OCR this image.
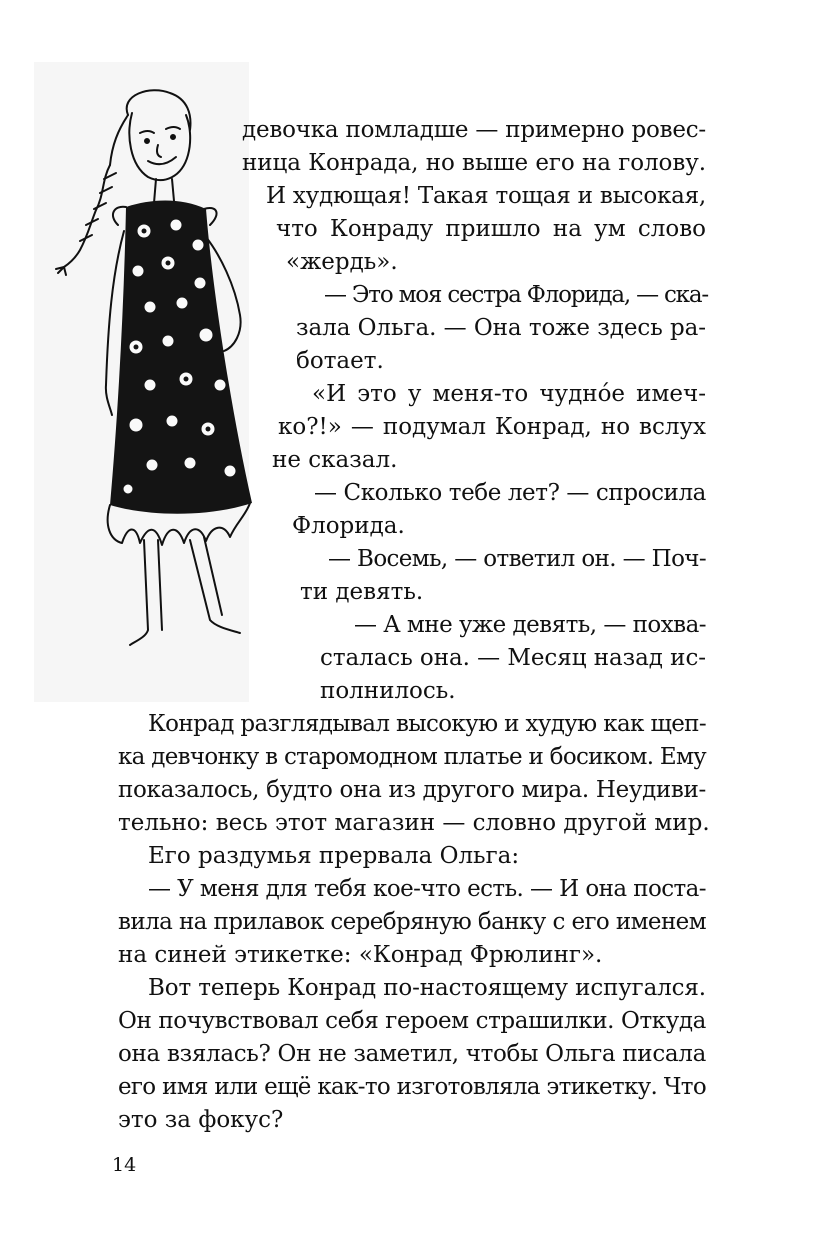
девочка помладше — примерно ровес-
ница Конрада, но выше его на голову.
И худющая! Такая тощая и высокая,
что Конраду пришло на ум слово
«жердь».
— Это моя сестра Флорида, — ска-
зала Ольга. — Она тоже здесь ра-
ботает.
«И это у меня-то чудно́е имеч-
ко?!» — подумал Конрад, но вслух
не сказал.
— Сколько тебе лет? — спросила
Флорида.
— Восемь, — ответил он. — Поч-
ти девять.
— А мне уже девять, — похва-
сталась она. — Месяц назад ис-
полнилось.
Конрад разглядывал высокую и худую как щеп-
ка девчонку в старомодном платье и босиком. Ему
показалось, будто она из другого мира. Неудиви-
тельно: весь этот магазин — словно другой мир.
Его раздумья прервала Ольга:
— У меня для тебя кое-что есть. — И она поста-
вила на прилавок серебряную банку с его именем
на синей этикетке: «Конрад Фрюлинг».
Вот теперь Конрад по-настоящему испугался.
Он почувствовал себя героем страшилки. Откуда
она взялась? Он не заметил, чтобы Ольга писала
его имя или ещё как-то изготовляла этикетку. Что
это за фокус?
14
